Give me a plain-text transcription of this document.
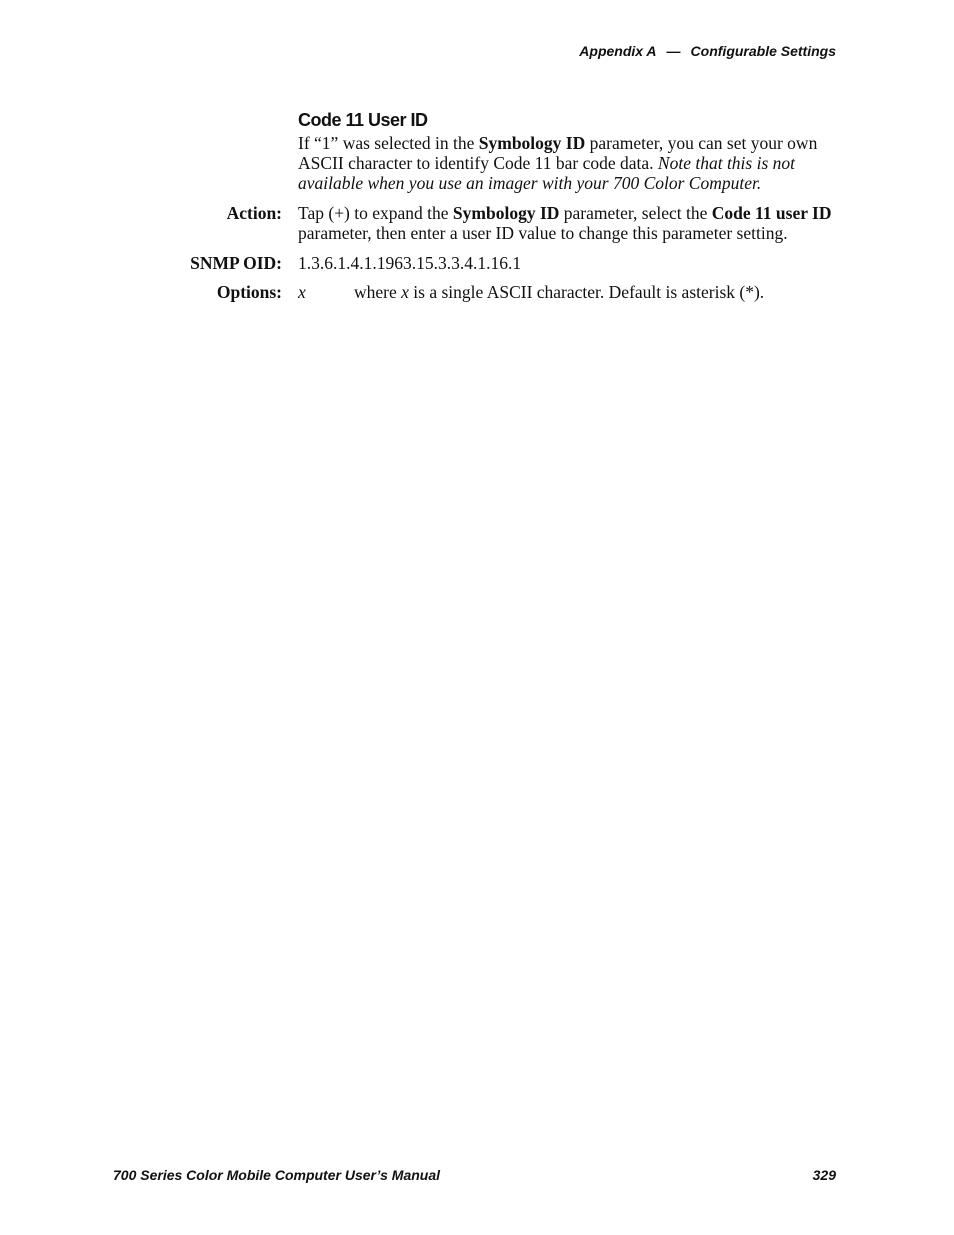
Appendix A — Configurable Settings
Code 11 User ID
If “1” was selected in the Symbology ID parameter, you can set your own ASCII character to identify Code 11 bar code data. Note that this is not available when you use an imager with your 700 Color Computer.
Action: Tap (+) to expand the Symbology ID parameter, select the Code 11 user ID parameter, then enter a user ID value to change this parameter setting.
SNMP OID: 1.3.6.1.4.1.1963.15.3.3.4.1.16.1
Options: x	where x is a single ASCII character. Default is asterisk (*).
700 Series Color Mobile Computer User’s Manual	329
